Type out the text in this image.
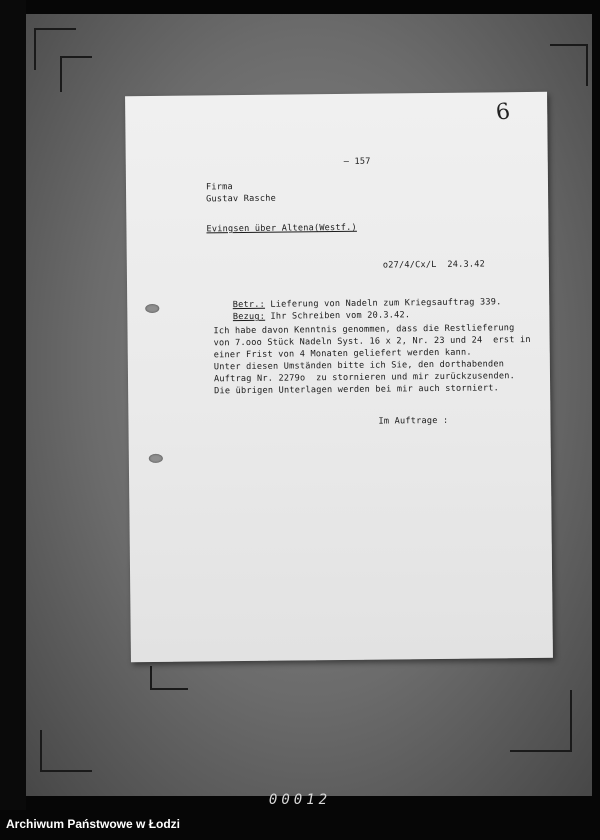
— 157
Firma
Gustav Rasche
Evingsen über Altena(Westf.)
o27/4/Cx/L  24.3.42

Betr.: Lieferung von Nadeln zum Kriegsauftrag 339.

Bezug: Ihr Schreiben vom 20.3.42.

Ich habe davon Kenntnis genommen, dass die Restlieferung
von 7.ooo Stück Nadeln Syst. 16 x 2, Nr. 23 und 24  erst in
einer Frist von 4 Monaten geliefert werden kann.
Unter diesen Umständen bitte ich Sie, den dorthabenden
Auftrag Nr. 2279o  zu stornieren und mir zurückzusenden.
Die übrigen Unterlagen werden bei mir auch storniert.
Im Auftrage :
6
00012
Archiwum Państwowe w Łodzi
